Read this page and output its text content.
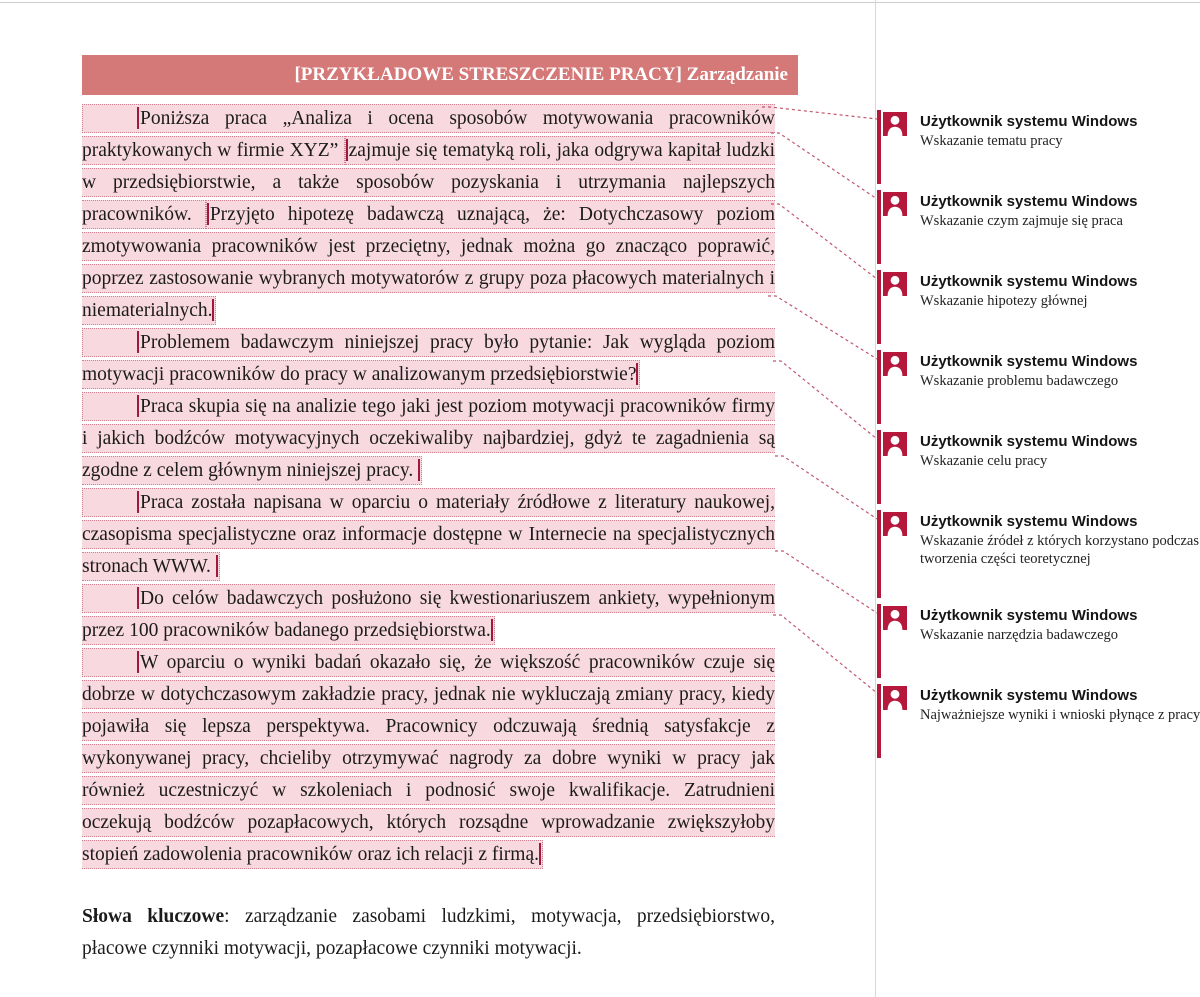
[PRZYKŁADOWE STRESZCZENIE PRACY] Zarządzanie

Poniższa praca „Analiza i ocena sposobów motywowania pracowników praktykowanych w firmie XYZ” zajmuje się tematyką roli, jaka odgrywa kapitał ludzki w przedsiębiorstwie, a także sposobów pozyskania i utrzymania najlepszych pracowników. Przyjęto hipotezę badawczą uznającą, że: Dotychczasowy poziom zmotywowania pracowników jest przeciętny, jednak można go znacząco poprawić, poprzez zastosowanie wybranych motywatorów z grupy poza płacowych materialnych i niematerialnych.

Problemem badawczym niniejszej pracy było pytanie: Jak wygląda poziom motywacji pracowników do pracy w analizowanym przedsiębiorstwie?

Praca skupia się na analizie tego jaki jest poziom motywacji pracowników firmy i jakich bodźców motywacyjnych oczekiwaliby najbardziej, gdyż te zagadnienia są zgodne z celem głównym niniejszej pracy.

Praca została napisana w oparciu o materiały źródłowe z literatury naukowej, czasopisma specjalistyczne oraz informacje dostępne w Internecie na specjalistycznych stronach WWW.

Do celów badawczych posłużono się kwestionariuszem ankiety, wypełnionym przez 100 pracowników badanego przedsiębiorstwa.

W oparciu o wyniki badań okazało się, że większość pracowników czuje się dobrze w dotychczasowym zakładzie pracy, jednak nie wykluczają zmiany pracy, kiedy pojawiła się lepsza perspektywa. Pracownicy odczuwają średnią satysfakcje z wykonywanej pracy, chcieliby otrzymywać nagrody za dobre wyniki w pracy jak również uczestniczyć w szkoleniach i podnosić swoje kwalifikacje. Zatrudnieni oczekują bodźców pozapłacowych, których rozsądne wprowadzanie zwiększyłoby stopień zadowolenia pracowników oraz ich relacji z firmą.

Słowa kluczowe: zarządzanie zasobami ludzkimi, motywacja, przedsiębiorstwo, płacowe czynniki motywacji, pozapłacowe czynniki motywacji.

Użytkownik systemu Windows
Wskazanie tematu pracy
Użytkownik systemu Windows
Wskazanie czym zajmuje się praca
Użytkownik systemu Windows
Wskazanie hipotezy głównej
Użytkownik systemu Windows
Wskazanie problemu badawczego
Użytkownik systemu Windows
Wskazanie celu pracy
Użytkownik systemu Windows
Wskazanie źródeł z których korzystano podczas tworzenia części teoretycznej
Użytkownik systemu Windows
Wskazanie narzędzia badawczego
Użytkownik systemu Windows
Najważniejsze wyniki i wnioski płynące z pracy
